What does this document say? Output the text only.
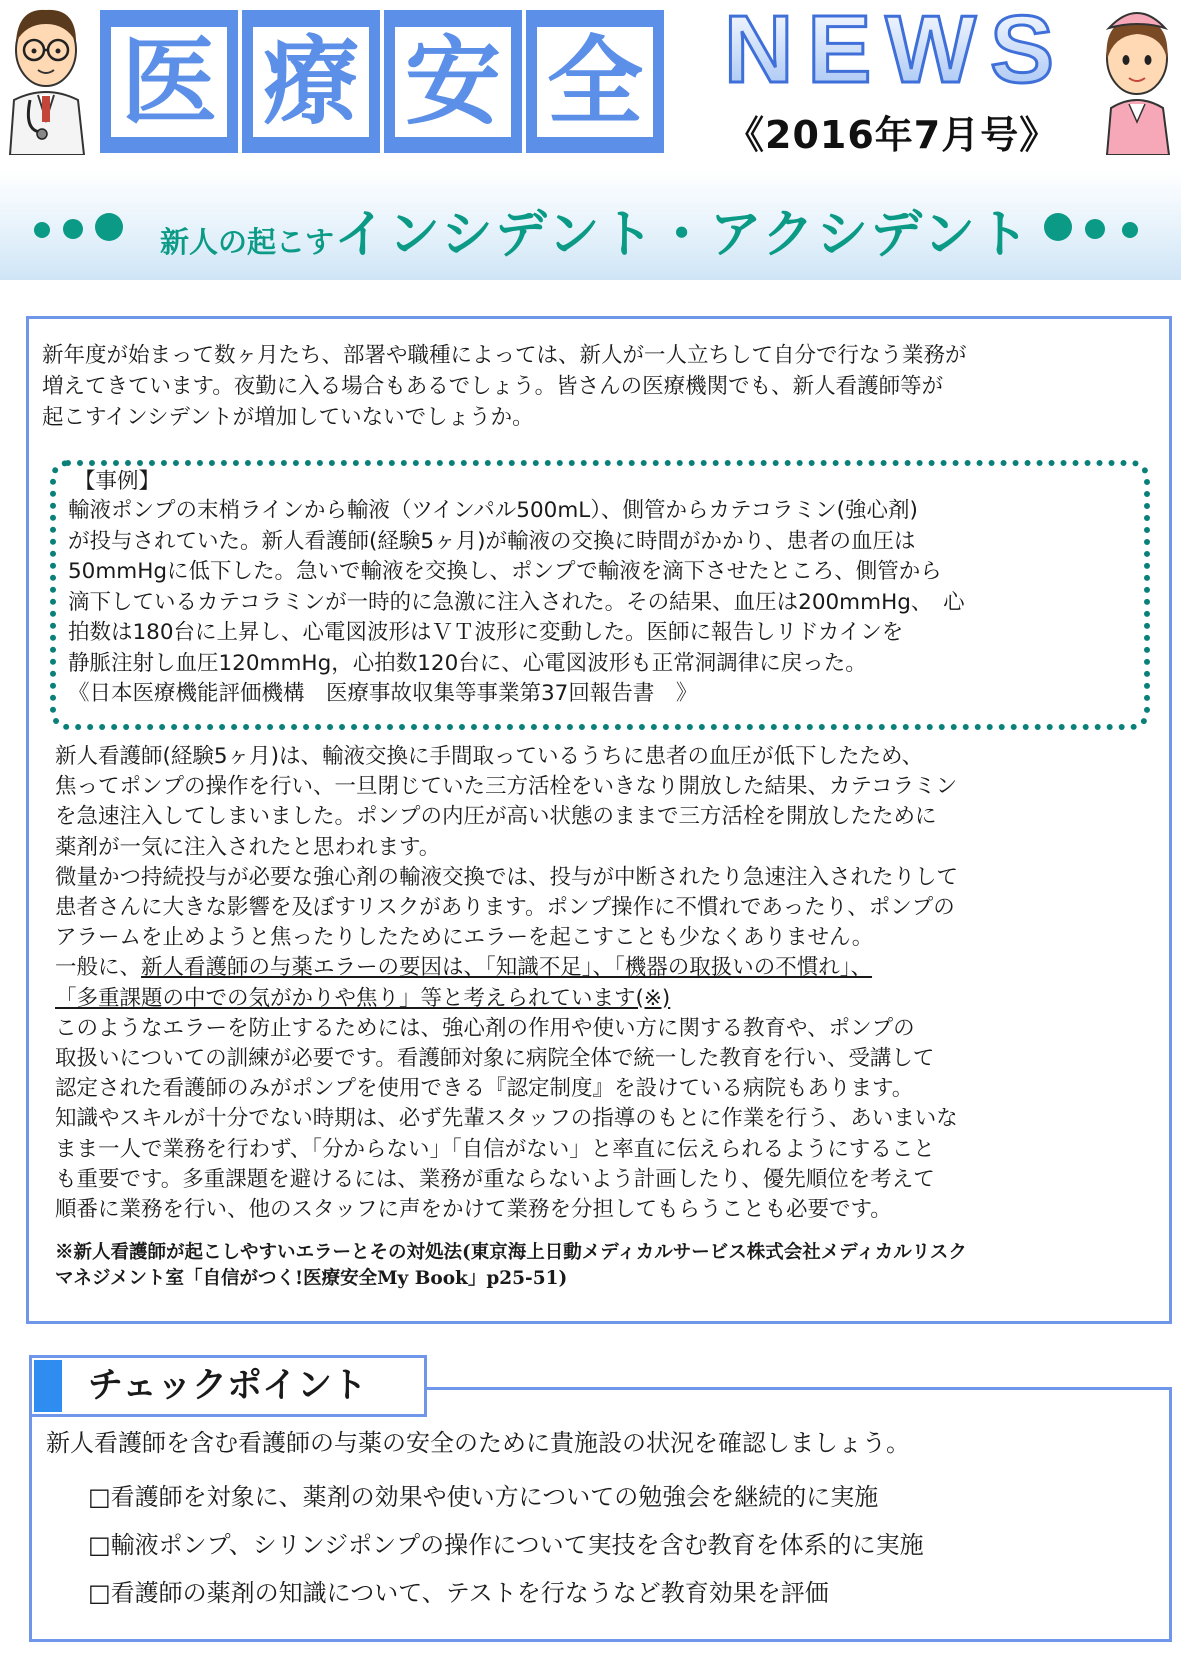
医 療 安 全 NEWS
《2016年7月号》
新人の起こすインシデント・アクシデント
新年度が始まって数ヶ月たち、部署や職種によっては、新人が一人立ちして自分で行なう業務が
増えてきています。夜勤に入る場合もあるでしょう。皆さんの医療機関でも、新人看護師等が
起こすインシデントが増加していないでしょうか。
【事例】
輸液ポンプの末梢ラインから輸液（ツインパル500mL）、側管からカテコラミン(強心剤)
が投与されていた。新人看護師(経験5ヶ月)が輸液の交換に時間がかかり、患者の血圧は
50mmHgに低下した。急いで輸液を交換し、ポンプで輸液を滴下させたところ、側管から
滴下しているカテコラミンが一時的に急激に注入された。その結果、血圧は200mmHg、　心
拍数は180台に上昇し、心電図波形はＶＴ波形に変動した。医師に報告しリドカインを
静脈注射し血圧120mmHg，心拍数120台に、心電図波形も正常洞調律に戻った。
《日本医療機能評価機構　医療事故収集等事業第37回報告書　》
新人看護師(経験5ヶ月)は、輸液交換に手間取っているうちに患者の血圧が低下したため、
焦ってポンプの操作を行い、一旦閉じていた三方活栓をいきなり開放した結果、カテコラミン
を急速注入してしまいました。ポンプの内圧が高い状態のままで三方活栓を開放したために
薬剤が一気に注入されたと思われます。
微量かつ持続投与が必要な強心剤の輸液交換では、投与が中断されたり急速注入されたりして
患者さんに大きな影響を及ぼすリスクがあります。ポンプ操作に不慣れであったり、ポンプの
アラームを止めようと焦ったりしたためにエラーを起こすことも少なくありません。
一般に、新人看護師の与薬エラーの要因は、「知識不足」、「機器の取扱いの不慣れ」、
「多重課題の中での気がかりや焦り」等と考えられています(※)
このようなエラーを防止するためには、強心剤の作用や使い方に関する教育や、ポンプの
取扱いについての訓練が必要です。看護師対象に病院全体で統一した教育を行い、受講して
認定された看護師のみがポンプを使用できる『認定制度』を設けている病院もあります。
知識やスキルが十分でない時期は、必ず先輩スタッフの指導のもとに作業を行う、あいまいな
まま一人で業務を行わず、「分からない」「自信がない」と率直に伝えられるようにすること
も重要です。多重課題を避けるには、業務が重ならないよう計画したり、優先順位を考えて
順番に業務を行い、他のスタッフに声をかけて業務を分担してもらうことも必要です。
※新人看護師が起こしやすいエラーとその対処法(東京海上日動メディカルサービス株式会社メディカルリスク
マネジメント室「自信がつく!医療安全My Book」p25-51)
チェックポイント
新人看護師を含む看護師の与薬の安全のために貴施設の状況を確認しましょう。
□看護師を対象に、薬剤の効果や使い方についての勉強会を継続的に実施
□輸液ポンプ、シリンジポンプの操作について実技を含む教育を体系的に実施
□看護師の薬剤の知識について、テストを行なうなど教育効果を評価
